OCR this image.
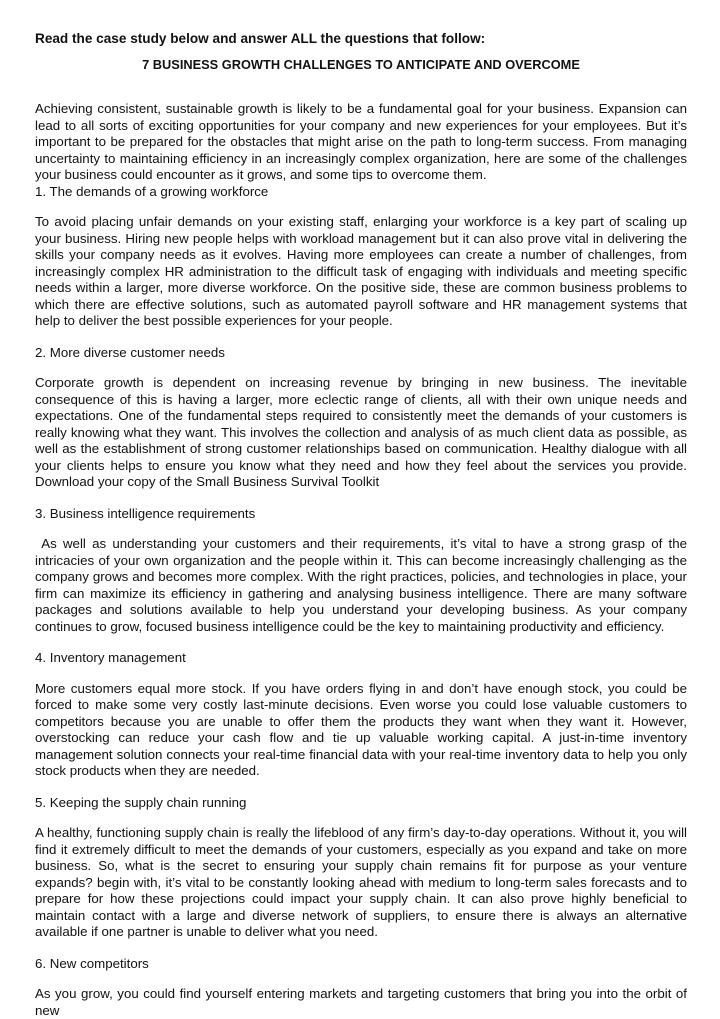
Read the case study below and answer ALL the questions that follow:
7 BUSINESS GROWTH CHALLENGES TO ANTICIPATE AND OVERCOME

Achieving consistent, sustainable growth is likely to be a fundamental goal for your business. Expansion can lead to all sorts of exciting opportunities for your company and new experiences for your employees. But it’s important to be prepared for the obstacles that might arise on the path to long-term success. From managing uncertainty to maintaining efficiency in an increasingly complex organization, here are some of the challenges your business could encounter as it grows, and some tips to overcome them.

1. The demands of a growing workforce

To avoid placing unfair demands on your existing staff, enlarging your workforce is a key part of scaling up your business. Hiring new people helps with workload management but it can also prove vital in delivering the skills your company needs as it evolves. Having more employees can create a number of challenges, from increasingly complex HR administration to the difficult task of engaging with individuals and meeting specific needs within a larger, more diverse workforce. On the positive side, these are common business problems to which there are effective solutions, such as automated payroll software and HR management systems that help to deliver the best possible experiences for your people.

2. More diverse customer needs

Corporate growth is dependent on increasing revenue by bringing in new business. The inevitable consequence of this is having a larger, more eclectic range of clients, all with their own unique needs and expectations. One of the fundamental steps required to consistently meet the demands of your customers is really knowing what they want. This involves the collection and analysis of as much client data as possible, as well as the establishment of strong customer relationships based on communication. Healthy dialogue with all your clients helps to ensure you know what they need and how they feel about the services you provide. Download your copy of the Small Business Survival Toolkit

3. Business intelligence requirements

As well as understanding your customers and their requirements, it’s vital to have a strong grasp of the intricacies of your own organization and the people within it. This can become increasingly challenging as the company grows and becomes more complex. With the right practices, policies, and technologies in place, your firm can maximize its efficiency in gathering and analysing business intelligence. There are many software packages and solutions available to help you understand your developing business. As your company continues to grow, focused business intelligence could be the key to maintaining productivity and efficiency.

4. Inventory management

More customers equal more stock. If you have orders flying in and don’t have enough stock, you could be forced to make some very costly last-minute decisions. Even worse you could lose valuable customers to competitors because you are unable to offer them the products they want when they want it. However, overstocking can reduce your cash flow and tie up valuable working capital. A just-in-time inventory management solution connects your real-time financial data with your real-time inventory data to help you only stock products when they are needed.

5. Keeping the supply chain running

A healthy, functioning supply chain is really the lifeblood of any firm’s day-to-day operations. Without it, you will find it extremely difficult to meet the demands of your customers, especially as you expand and take on more business. So, what is the secret to ensuring your supply chain remains fit for purpose as your venture expands? begin with, it’s vital to be constantly looking ahead with medium to long-term sales forecasts and to prepare for how these projections could impact your supply chain. It can also prove highly beneficial to maintain contact with a large and diverse network of suppliers, to ensure there is always an alternative available if one partner is unable to deliver what you need.

6. New competitors

As you grow, you could find yourself entering markets and targeting customers that bring you into the orbit of new
